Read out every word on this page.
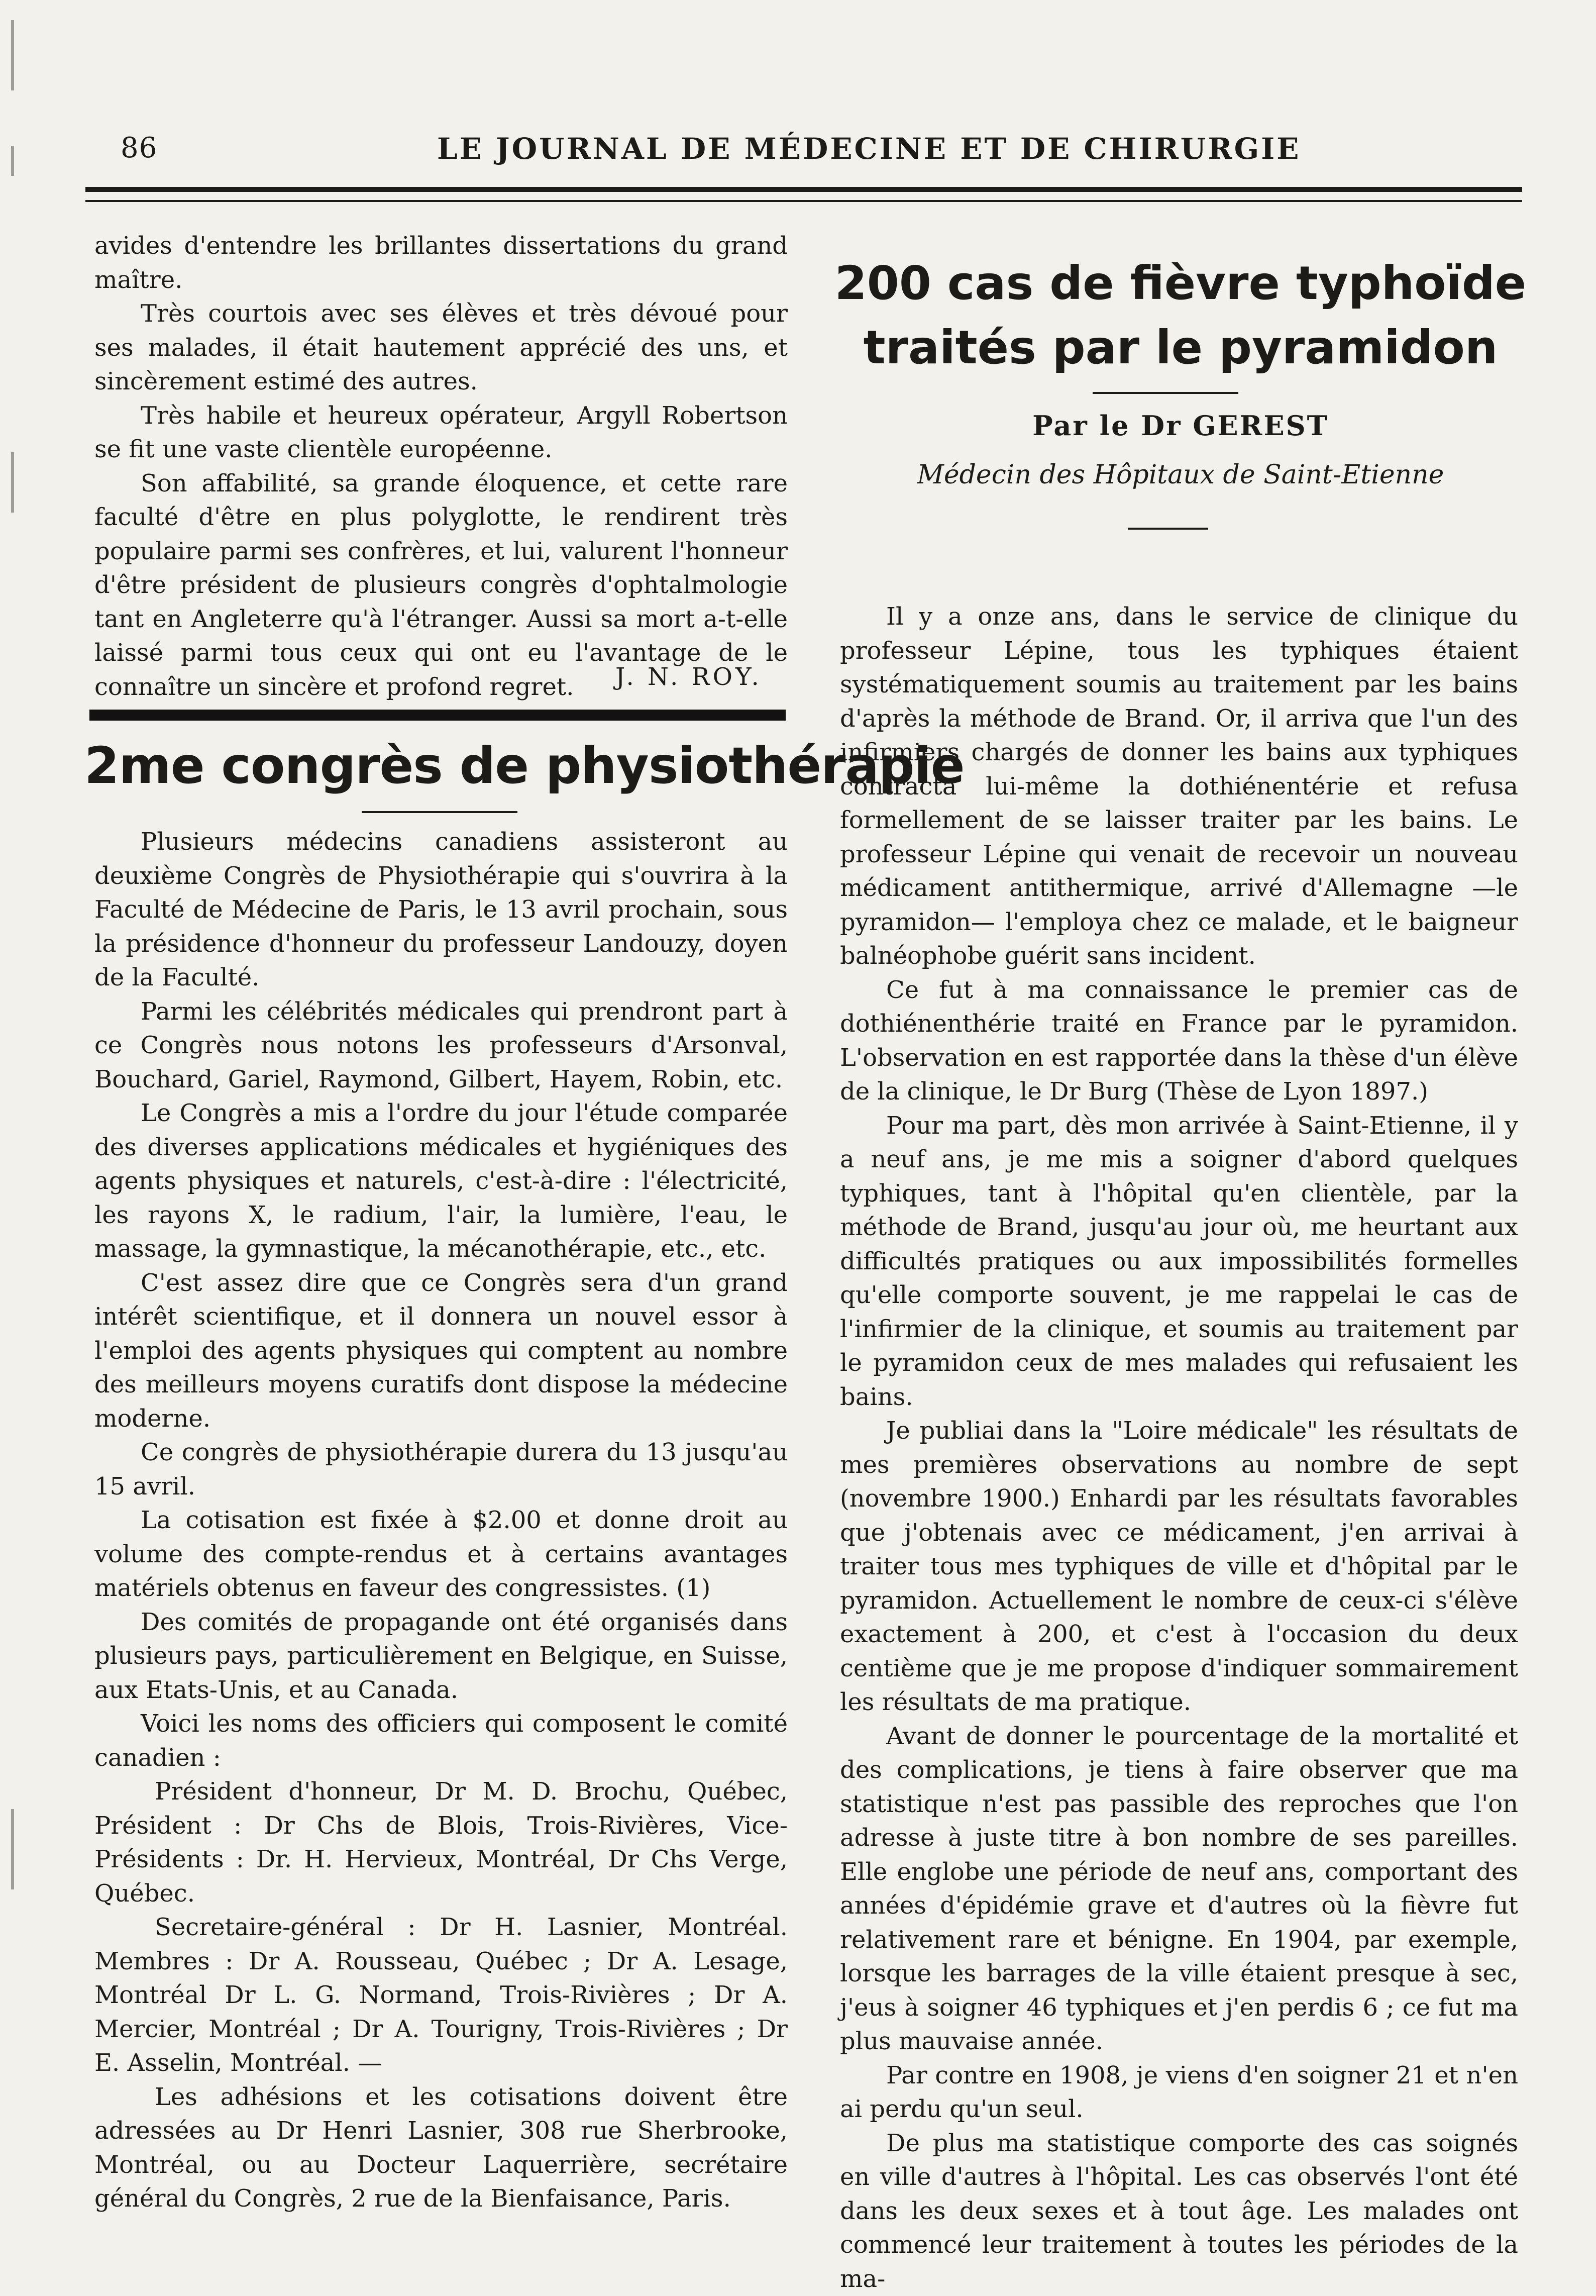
86	LE JOURNAL DE MÉDECINE ET DE CHIRURGIE

avides d'entendre les brillantes dissertations du grand maître.

Très courtois avec ses élèves et très dévoué pour ses malades, il était hautement apprécié des uns, et sincèrement estimé des autres.

Très habile et heureux opérateur, Argyll Robertson se fit une vaste clientèle européenne.

Son affabilité, sa grande éloquence, et cette rare faculté d'être en plus polyglotte, le rendirent très populaire parmi ses confrères, et lui, valurent l'honneur d'être président de plusieurs congrès d'ophtalmologie tant en Angleterre qu'à l'étranger. Aussi sa mort a-t-elle laissé parmi tous ceux qui ont eu l'avantage de le connaître un sincère et profond regret.	J. N. ROY.
2me congrès de physiothérapie

Plusieurs médecins canadiens assisteront au deuxième Congrès de Physiothérapie qui s'ouvrira à la Faculté de Médecine de Paris, le 13 avril prochain, sous la présidence d'honneur du professeur Landouzy, doyen de la Faculté.

Parmi les célébrités médicales qui prendront part à ce Congrès nous notons les professeurs d'Arsonval, Bouchard, Gariel, Raymond, Gilbert, Hayem, Robin, etc.

Le Congrès a mis a l'ordre du jour l'étude comparée des diverses applications médicales et hygiéniques des agents physiques et naturels, c'est-à-dire : l'électricité, les rayons X, le radium, l'air, la lumière, l'eau, le massage, la gymnastique, la mécanothérapie, etc., etc.

C'est assez dire que ce Congrès sera d'un grand intérêt scientifique, et il donnera un nouvel essor à l'emploi des agents physiques qui comptent au nombre des meilleurs moyens curatifs dont dispose la médecine moderne.

Ce congrès de physiothérapie durera du 13 jusqu'au 15 avril.

La cotisation est fixée à $2.00 et donne droit au volume des compte-rendus et à certains avantages matériels obtenus en faveur des congressistes. (1)

Des comités de propagande ont été organisés dans plusieurs pays, particulièrement en Belgique, en Suisse, aux Etats-Unis, et au Canada.

Voici les noms des officiers qui composent le comité canadien :

Président d'honneur, Dr M. D. Brochu, Québec, Président : Dr Chs de Blois, Trois-Rivières, Vice-Présidents : Dr. H. Hervieux, Montréal, Dr Chs Verge, Québec.

Secretaire-général : Dr H. Lasnier, Montréal. Membres : Dr A. Rousseau, Québec ; Dr A. Lesage, Montréal Dr L. G. Normand, Trois-Rivières ; Dr A. Mercier, Montréal ; Dr A. Tourigny, Trois-Rivières ; Dr E. Asselin, Montréal. —

Les adhésions et les cotisations doivent être adressées au Dr Henri Lasnier, 308 rue Sherbrooke, Montréal, ou au Docteur Laquerrière, secrétaire général du Congrès, 2 rue de la Bienfaisance, Paris.

200 cas de fièvre typhoïde traités par le pyramidon
Par le Dr GEREST
Médecin des Hôpitaux de Saint-Etienne

Il y a onze ans, dans le service de clinique du professeur Lépine, tous les typhiques étaient systématiquement soumis au traitement par les bains d'après la méthode de Brand. Or, il arriva que l'un des infirmiers chargés de donner les bains aux typhiques contracta lui-même la dothiénentérie et refusa formellement de se laisser traiter par les bains. Le professeur Lépine qui venait de recevoir un nouveau médicament antithermique, arrivé d'Allemagne —le pyramidon— l'employa chez ce malade, et le baigneur balnéophobe guérit sans incident.

Ce fut à ma connaissance le premier cas de dothiénenthérie traité en France par le pyramidon. L'observation en est rapportée dans la thèse d'un élève de la clinique, le Dr Burg (Thèse de Lyon 1897.)

Pour ma part, dès mon arrivée à Saint-Etienne, il y a neuf ans, je me mis a soigner d'abord quelques typhiques, tant à l'hôpital qu'en clientèle, par la méthode de Brand, jusqu'au jour où, me heurtant aux difficultés pratiques ou aux impossibilités formelles qu'elle comporte souvent, je me rappelai le cas de l'infirmier de la clinique, et soumis au traitement par le pyramidon ceux de mes malades qui refusaient les bains.

Je publiai dans la "Loire médicale" les résultats de mes premières observations au nombre de sept (novembre 1900.) Enhardi par les résultats favorables que j'obtenais avec ce médicament, j'en arrivai à traiter tous mes typhiques de ville et d'hôpital par le pyramidon. Actuellement le nombre de ceux-ci s'élève exactement à 200, et c'est à l'occasion du deux centième que je me propose d'indiquer sommairement les résultats de ma pratique.

Avant de donner le pourcentage de la mortalité et des complications, je tiens à faire observer que ma statistique n'est pas passible des reproches que l'on adresse à juste titre à bon nombre de ses pareilles. Elle englobe une période de neuf ans, comportant des années d'épidémie grave et d'autres où la fièvre fut relativement rare et bénigne. En 1904, par exemple, lorsque les barrages de la ville étaient presque à sec, j'eus à soigner 46 typhiques et j'en perdis 6 ; ce fut ma plus mauvaise année.

Par contre en 1908, je viens d'en soigner 21 et n'en ai perdu qu'un seul.

De plus ma statistique comporte des cas soignés en ville d'autres à l'hôpital. Les cas observés l'ont été dans les deux sexes et à tout âge. Les malades ont commencé leur traitement à toutes les périodes de la ma-
